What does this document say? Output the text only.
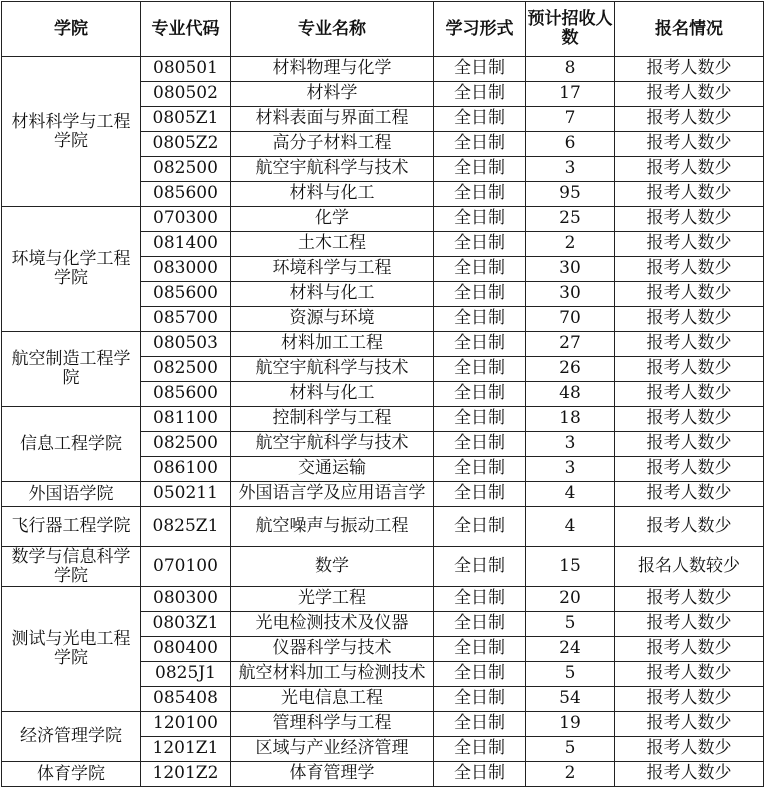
学院	专业代码	专业名称	学习形式	预计招收人数	报名情况
材料科学与工程学院	080501	材料物理与化学	全日制	8	报考人数少
	080502	材料学	全日制	17	报考人数少
	0805Z1	材料表面与界面工程	全日制	7	报考人数少
	0805Z2	高分子材料工程	全日制	6	报考人数少
	082500	航空宇航科学与技术	全日制	3	报考人数少
	085600	材料与化工	全日制	95	报考人数少
环境与化学工程学院	070300	化学	全日制	25	报考人数少
	081400	土木工程	全日制	2	报考人数少
	083000	环境科学与工程	全日制	30	报考人数少
	085600	材料与化工	全日制	30	报考人数少
	085700	资源与环境	全日制	70	报考人数少
航空制造工程学院	080503	材料加工工程	全日制	27	报考人数少
	082500	航空宇航科学与技术	全日制	26	报考人数少
	085600	材料与化工	全日制	48	报考人数少
信息工程学院	081100	控制科学与工程	全日制	18	报考人数少
	082500	航空宇航科学与技术	全日制	3	报考人数少
	086100	交通运输	全日制	3	报考人数少
外国语学院	050211	外国语言学及应用语言学	全日制	4	报考人数少
飞行器工程学院	0825Z1	航空噪声与振动工程	全日制	4	报考人数少
数学与信息科学学院	070100	数学	全日制	15	报名人数较少
测试与光电工程学院	080300	光学工程	全日制	20	报考人数少
	0803Z1	光电检测技术及仪器	全日制	5	报考人数少
	080400	仪器科学与技术	全日制	24	报考人数少
	0825J1	航空材料加工与检测技术	全日制	5	报考人数少
	085408	光电信息工程	全日制	54	报考人数少
经济管理学院	120100	管理科学与工程	全日制	19	报考人数少
	1201Z1	区域与产业经济管理	全日制	5	报考人数少
体育学院	1201Z2	体育管理学	全日制	2	报考人数少
